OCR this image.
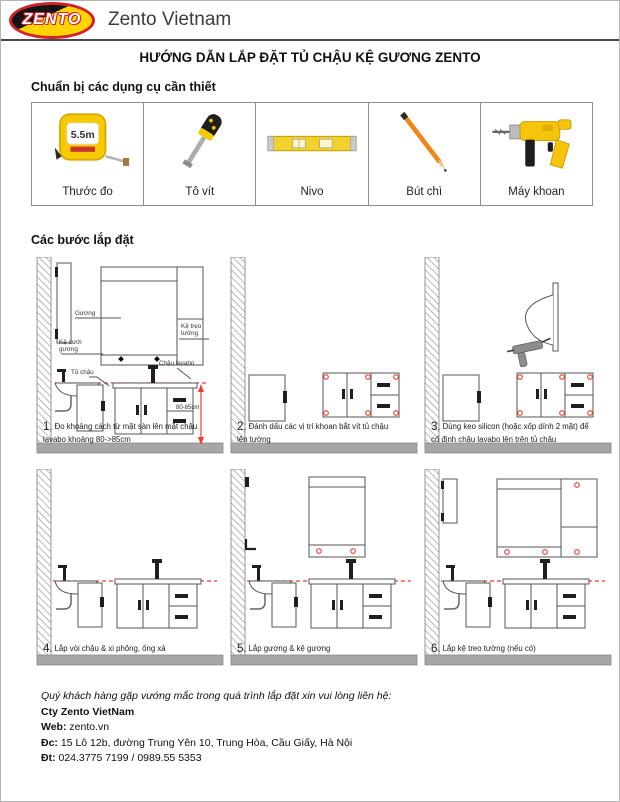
ZENTO Zento Vietnam
HƯỚNG DẪN LẮP ĐẶT TỦ CHẬU KỆ GƯƠNG ZENTO
Chuẩn bị các dụng cụ cần thiết
5.5m
Thước đo	Tô vít	Nivo	Bút chì	Máy khoan
Các bước lắp đặt
Gương
Kệ treo tường
Kệ dưới gương
Tủ chậu
Chậu lavabo
80-85cm
1. Đo khoảng cách từ mặt sàn lên mặt chậu lavabo khoảng 80->85cm
2. Đánh dấu các vị trí khoan bắt vít tủ chậu lên tường
3. Dùng keo silicon (hoặc xốp dính 2 mặt) để cố định chậu lavabo lên trên tủ chậu
4. Lắp vòi chậu & xi phông, ống xả	5. Lắp gương & kệ gương	6. Lắp kệ treo tường (nếu có)
Quý khách hàng gặp vướng mắc trong quá trình lắp đặt xin vui lòng liên hệ:
Cty Zento VietNam
Web: zento.vn
Đc: 15 Lô 12b, đường Trung Yên 10, Trung Hòa, Cầu Giấy, Hà Nội
Đt: 024.3775 7199 / 0989.55 5353
